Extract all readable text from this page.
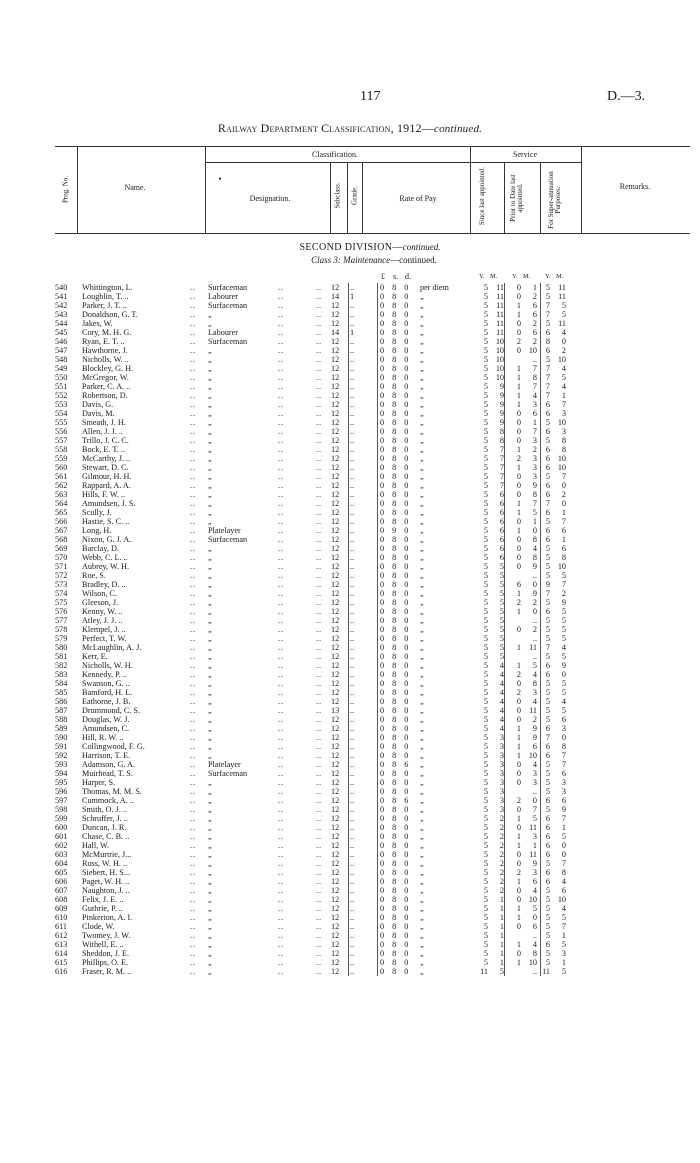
117	D.—3.
Railway Department Classification, 1912—continued.
Prog. No.	Name.
Classification.
•
Designation.	Subclass. Grade.	Rate of Pay
Service
Since last appointed.	Prior to Date last appointed.	For Super-annuation Purposes.	Remarks.
SECOND DIVISION—continued.
Class 3: Maintenance—continued.
£ s. d.	Y. M. Y. M. Y. M.
..	..	..
540	Whittington, L.	Surfaceman	12	..	0 8 0 per diem	5 11	0	1	5 11
..	..	..
541	Loughlin, T. ..	Labourer	14	1	0 8 0 „	5 11	0	2	5 11
..	..	..
542	Parker, J. T. ..	Surfaceman	12	..	0 8 0 „	5 11	1	6	7	5
..	..	..
543	Donaldson, G. T.	„	12	..	0 8 0 „	5 11	1	6	7	5
..	..	..
544	Jakes, W.	„	12	..	0 8 0 „	5 11	0	2	5 11
..	..	..
545	Cory, M. H. G.	Labourer	14	1	0 8 0 „	5 11	0	6	6	4
..	..	..
546	Ryan, E. T. ..	Surfaceman	12	..	0 8 0 „	5 10	2	2	8	0
..	..	..
547	Hawthorne, J.	„	12	..	0 8 0 „	5 10	0 10	6	2
..	..	..
548	Nicholls, W. ..	„	12	..	0 8 0 „	5 10	..	5 10
..	..	..
549	Blockley, G. H.	„	12	..	0 8 0 „	5 10	1	7	7	4
..	..	..
550	McGregor, W.	„	12	..	0 8 0 „	5 10	1	8	7	5
..	..	..
551	Parker, C. A. ..	„	12	..	0 8 0 „	5	9	1	7	7	4
..	..	..
552	Robertson, D.	„	12	..	0 8 0 „	5	9	1	4	7	1
..	..	..
553	Davis, G.	„	12	..	0 8 0 „	5	9	1	3	6	7
..	..	..
554	Davis, M.	„	12	..	0 8 0 „	5	9	0	6	6	3
..	..	..
555	Smeath, J. H.	„	12	..	0 8 0 „	5	9	0	1	5 10
..	..	..
556	Allen, J. J. ..	„	12	..	0 8 0 „	5	8	0	7	6	3
..	..	..
557	Trillo, J. C. C.	„	12	..	0 8 0 „	5	8	0	3	5	8
..	..	..
558	Bock, E. T. ..	„	12	..	0 8 0 „	5	7	1	2	6	8
..	..	..
559	McCarthy, J. ..	„	12	..	0 8 0 „	5	7	2	3	6 10
..	..	..
560	Stewart, D. C.	„	12	..	0 8 0 „	5	7	1	3	6 10
..	..	..
561	Gilmour, H. H.	„	12	..	0 8 0 „	5	7	0	3	5	7
..	..	..
562	Rappard, A. A.	„	12	..	0 8 0 „	5	7	0	9	6	0
..	..	..
563	Hills, F. W. ..	„	12	..	0 8 0 „	5	6	0	8	6	2
..	..	..
564	Amundsen, J. S.	„	12	..	0 8 0 „	5	6	1	7	7	0
..	..	..
565	Scully, J.	„	12	..	0 8 0 „	5	6	1	5	6	1
..	..	..
566	Hastie, S. C. ..	„	12	..	0 8 0 „	5	6	0	1	5	7
..	..	..
567	Long, H.	Platelayer	12	..	0 9 0 „	5	6	1	0	6	6
..	..	..
568	Nixon, G. J. A.	Surfaceman	12	..	0 8 0 „	5	6	0	8	6	1
..	..	..
569	Barclay, D.	„	12	..	0 8 0 „	5	6	0	4	5	6
..	..	..
570	Webb, C. L. ..	„	12	..	0 8 0 „	5	6	0	8	5	8
..	..	..
571	Aubrey, W. H.	„	12	..	0 8 0 „	5	5	0	9	5 10
..	..	..
572	Roe, S.	„	12	..	0 8 0 „	5	5	..	5	5
..	..	..
573	Bradley, D. ..	„	12	..	0 8 0 „	5	5	6	0	9	7
..	..	..
574	Wilson, C.	„	12	..	0 8 0 „	5	5	1	9	7	2
..	..	..
575	Gleeson, J.	„	12	..	0 8 0 „	5	5	2	2	5	9
..	..	..
576	Kenny, W. ..	„	12	..	0 8 0 „	5	5	1	0	6	5
..	..	..
577	Atley, J. J. ..	„	12	..	0 8 0 „	5	5	..	5	5
..	..	..
578	Klempel, J. ..	„	12	..	0 8 0 „	5	5	0	2	5	5
..	..	..
579	Perfect, T. W.	„	12	..	0 8 0 „	5	5	..	5	5
..	..	..
580	McLaughlin, A. J.	„	12	..	0 8 0 „	5	5	1 11	7	4
..	..	..
581	Kerr, E.	„	12	..	0 8 0 „	5	5	..	5	5
..	..	..
582	Nicholls, W. H.	„	12	..	0 8 0 „	5	4	1	5	6	9
..	..	..
583	Kennedy, P. ..	„	12	..	0 8 0 „	5	4	2	4	6	0
..	..	..
584	Swanson, G. ..	„	12	..	0 8 0 „	5	4	0	8	5	5
..	..	..
585	Bamford, H. L.	„	12	..	0 8 0 „	5	4	2	3	5	5
..	..	..
586	Eathorne, J. B.	„	12	..	0 8 0 „	5	4	0	4	5	4
..	..	..
587	Drummond, C. S.	„	13	..	0 8 0 „	5	4	0 11	5	5
..	..	..
588	Douglas, W. J.	„	12	..	0 8 0 „	5	4	0	2	5	6
..	..	..
589	Amundsen, C.	„	12	..	0 8 0 „	5	4	1	9	6	3
..	..	..
590	Hill, R. W. ..	„	12	..	0 8 0 „	5	3	1	9	7	0
..	..	..
591	Collingwood, F. G.	„	12	..	0 8 0 „	5	3	1	6	6	8
..	..	..
592	Harrison, T. E.	„	12	..	0 8 0 „	5	3	1 10	6	7
..	..	..
593	Adamson, G. A.	Platelayer	12	..	0 8 6 „	5	3	0	4	5	7
..	..	..
594	Muirhead, T. S.	Surfaceman	12	..	0 8 0 „	5	3	0	3	5	6
..	..	..
595	Harper, S.	„	12	..	0 8 0 „	5	3	0	3	5	3
..	..	..
596	Thomas, M. M. S.	„	12	..	0 8 0 „	5	3	..	5	3
..	..	..
597	Cummock, A. ..	„	12	..	0 8 6 „	5	3	2	0	6	6
..	..	..
598	Smith, O. J. ..	„	12	..	0 8 0 „	5	3	0	7	5	9
..	..	..
599	Schruffer, J. ..	„	12	..	0 8 0 „	5	2	1	5	6	7
..	..	..
600	Duncan, J. R.	„	12	..	0 8 0 „	5	2	0 11	6	1
..	..	..
601	Chase, C. B. ..	„	12	..	0 8 0 „	5	2	1	3	6	5
..	..	..
602	Hall, W.	„	12	..	0 8 0 „	5	2	1	1	6	0
..	..	..
603	McMurtrie, J...	„	12	..	0 8 0 „	5	2	0 11	6	0
..	..	..
604	Ross, W. H. ..	„	12	..	0 8 0 „	5	2	0	9	5	7
..	..	..
605	Siebert, H. S...	„	12	..	0 8 0 „	5	2	2	3	6	8
..	..	..
606	Paget, W. H. ..	„	12	..	0 8 0 „	5	2	1	6	6	4
..	..	..
607	Naughton, J. ..	„	12	..	0 8 0 „	5	2	0	4	5	6
..	..	..
608	Felix, J. E. ..	„	12	..	0 8 0 „	5	1	0 10	5 10
..	..	..
609	Guthrie, P. ..	„	12	..	0 8 0 „	5	1	1	5	5	4
..	..	..
610	Pinkerton, A. I.	„	12	..	0 8 0 „	5	1	1	0	5	5
..	..	..
611	Clode, W.	„	12	..	0 8 0 „	5	1	0	6	5	7
..	..	..
612	Twomey, J. W.	„	12	..	0 8 0 „	5	1	..	5	1
..	..	..
613	Withell, E. ..	„	12	..	0 8 0 „	5	1	1	4	6	5
..	..	..
614	Sheddon, J. E.	„	12	..	0 8 0 „	5	1	0	8	5	3
..	..	..
615	Phillips, O. E.	„	12	..	0 8 0 „	5	1	1 10	5	1
..	..	..
616	Fraser, R. M. ..	„	12	..	0 8 0 „	11	5	.. 11	5
